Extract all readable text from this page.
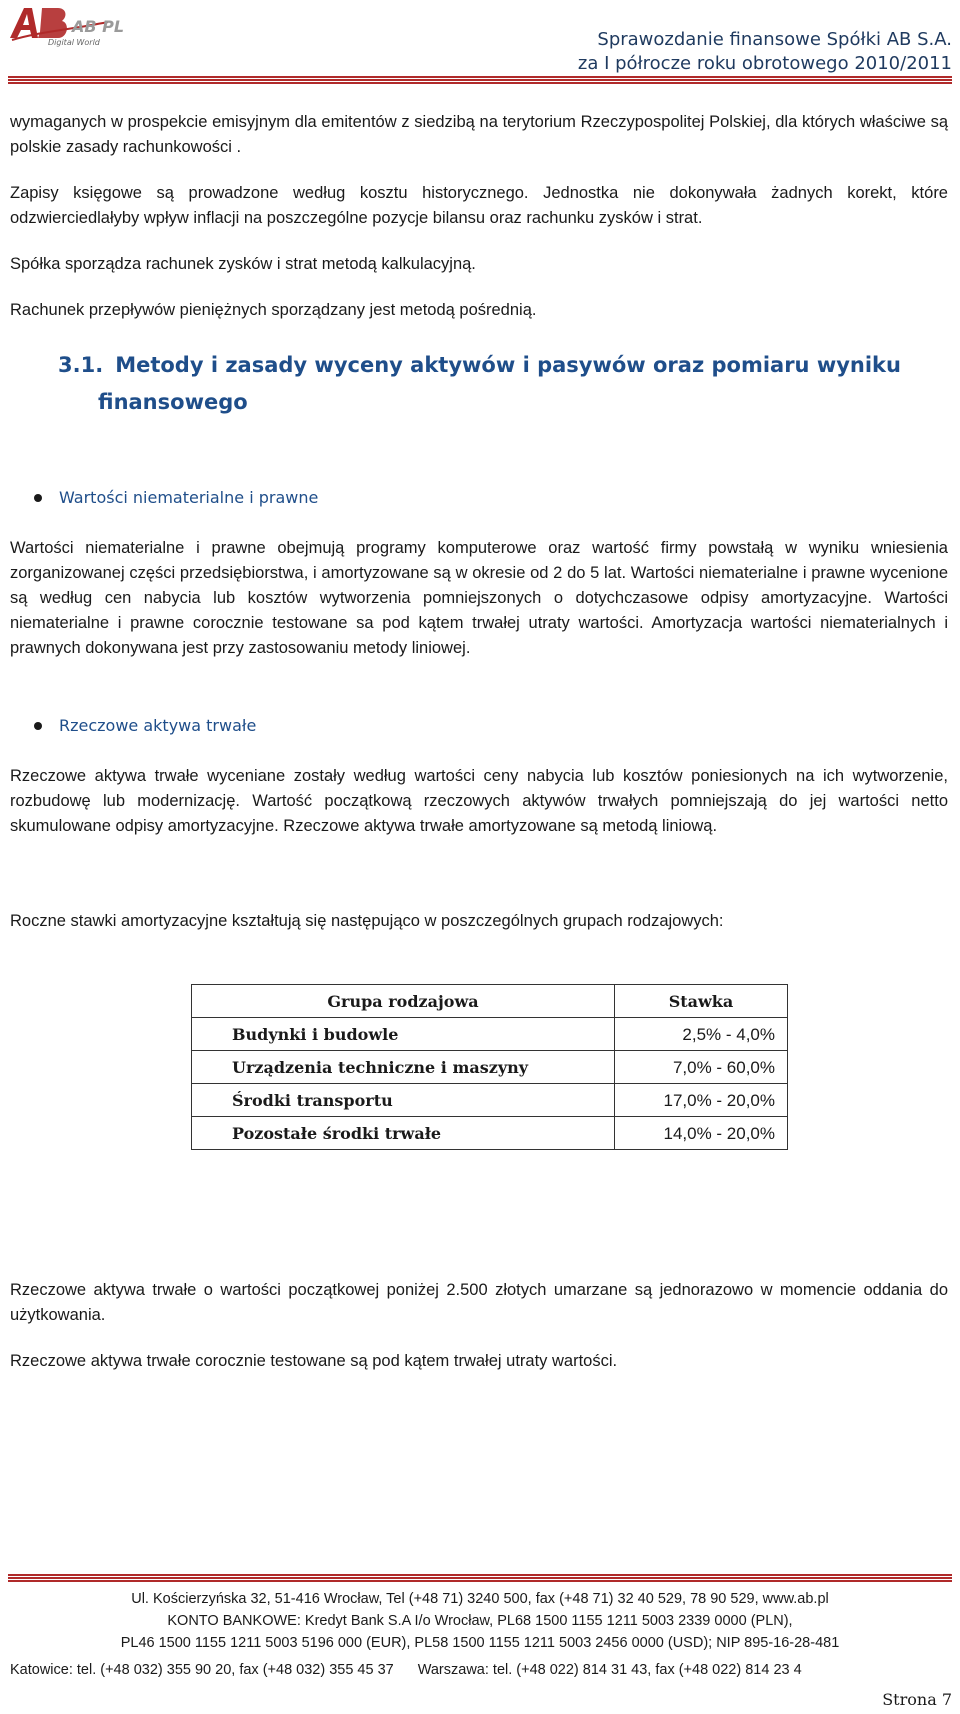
AB PL
Digital World	Sprawozdanie finansowe Spółki AB S.A.
za I półrocze roku obrotowego 2010/2011

wymaganych w prospekcie emisyjnym dla emitentów z siedzibą na terytorium Rzeczypospolitej Polskiej, dla których właściwe są polskie zasady rachunkowości .

Zapisy księgowe są prowadzone według kosztu historycznego. Jednostka nie dokonywała żadnych korekt, które odzwierciedlałyby wpływ inflacji na poszczególne pozycje bilansu oraz rachunku zysków i strat.

Spółka sporządza rachunek zysków i strat metodą kalkulacyjną.

Rachunek przepływów pieniężnych sporządzany jest metodą pośrednią.

3.1. Metody i zasady wyceny aktywów i pasywów oraz pomiaru wyniku
finansowego
Wartości niematerialne i prawne

Wartości niematerialne i prawne obejmują programy komputerowe oraz wartość firmy powstałą w wyniku wniesienia zorganizowanej części przedsiębiorstwa, i amortyzowane są w okresie od 2 do 5 lat. Wartości niematerialne i prawne wycenione są według cen nabycia lub kosztów wytworzenia pomniejszonych o dotychczasowe odpisy amortyzacyjne. Wartości niematerialne i prawne corocznie testowane sa pod kątem trwałej utraty wartości. Amortyzacja wartości niematerialnych i prawnych dokonywana jest przy zastosowaniu metody liniowej.

Rzeczowe aktywa trwałe

Rzeczowe aktywa trwałe wyceniane zostały według wartości ceny nabycia lub kosztów poniesionych na ich wytworzenie, rozbudowę lub modernizację. Wartość początkową rzeczowych aktywów trwałych pomniejszają do jej wartości netto skumulowane odpisy amortyzacyjne. Rzeczowe aktywa trwałe amortyzowane są metodą liniową.

Roczne stawki amortyzacyjne kształtują się następująco w poszczególnych grupach rodzajowych:

Grupa rodzajowa	Stawka
Budynki i budowle	2,5% - 4,0%
Urządzenia techniczne i maszyny	7,0% - 60,0%
Środki transportu	17,0% - 20,0%
Pozostałe środki trwałe	14,0% - 20,0%

Rzeczowe aktywa trwałe o wartości początkowej poniżej 2.500 złotych umarzane są jednorazowo w momencie oddania do użytkowania.

Rzeczowe aktywa trwałe corocznie testowane są pod kątem trwałej utraty wartości.

Ul. Kościerzyńska 32, 51-416 Wrocław, Tel (+48 71) 3240 500, fax (+48 71) 32 40 529, 78 90 529, www.ab.pl
KONTO BANKOWE: Kredyt Bank S.A I/o Wrocław, PL68 1500 1155 1211 5003 2339 0000 (PLN),
PL46 1500 1155 1211 5003 5196 000 (EUR), PL58 1500 1155 1211 5003 2456 0000 (USD); NIP 895-16-28-481
Katowice: tel. (+48 032) 355 90 20, fax (+48 032) 355 45 37 Warszawa: tel. (+48 022) 814 31 43, fax (+48 022) 814 23 4
Strona 7
